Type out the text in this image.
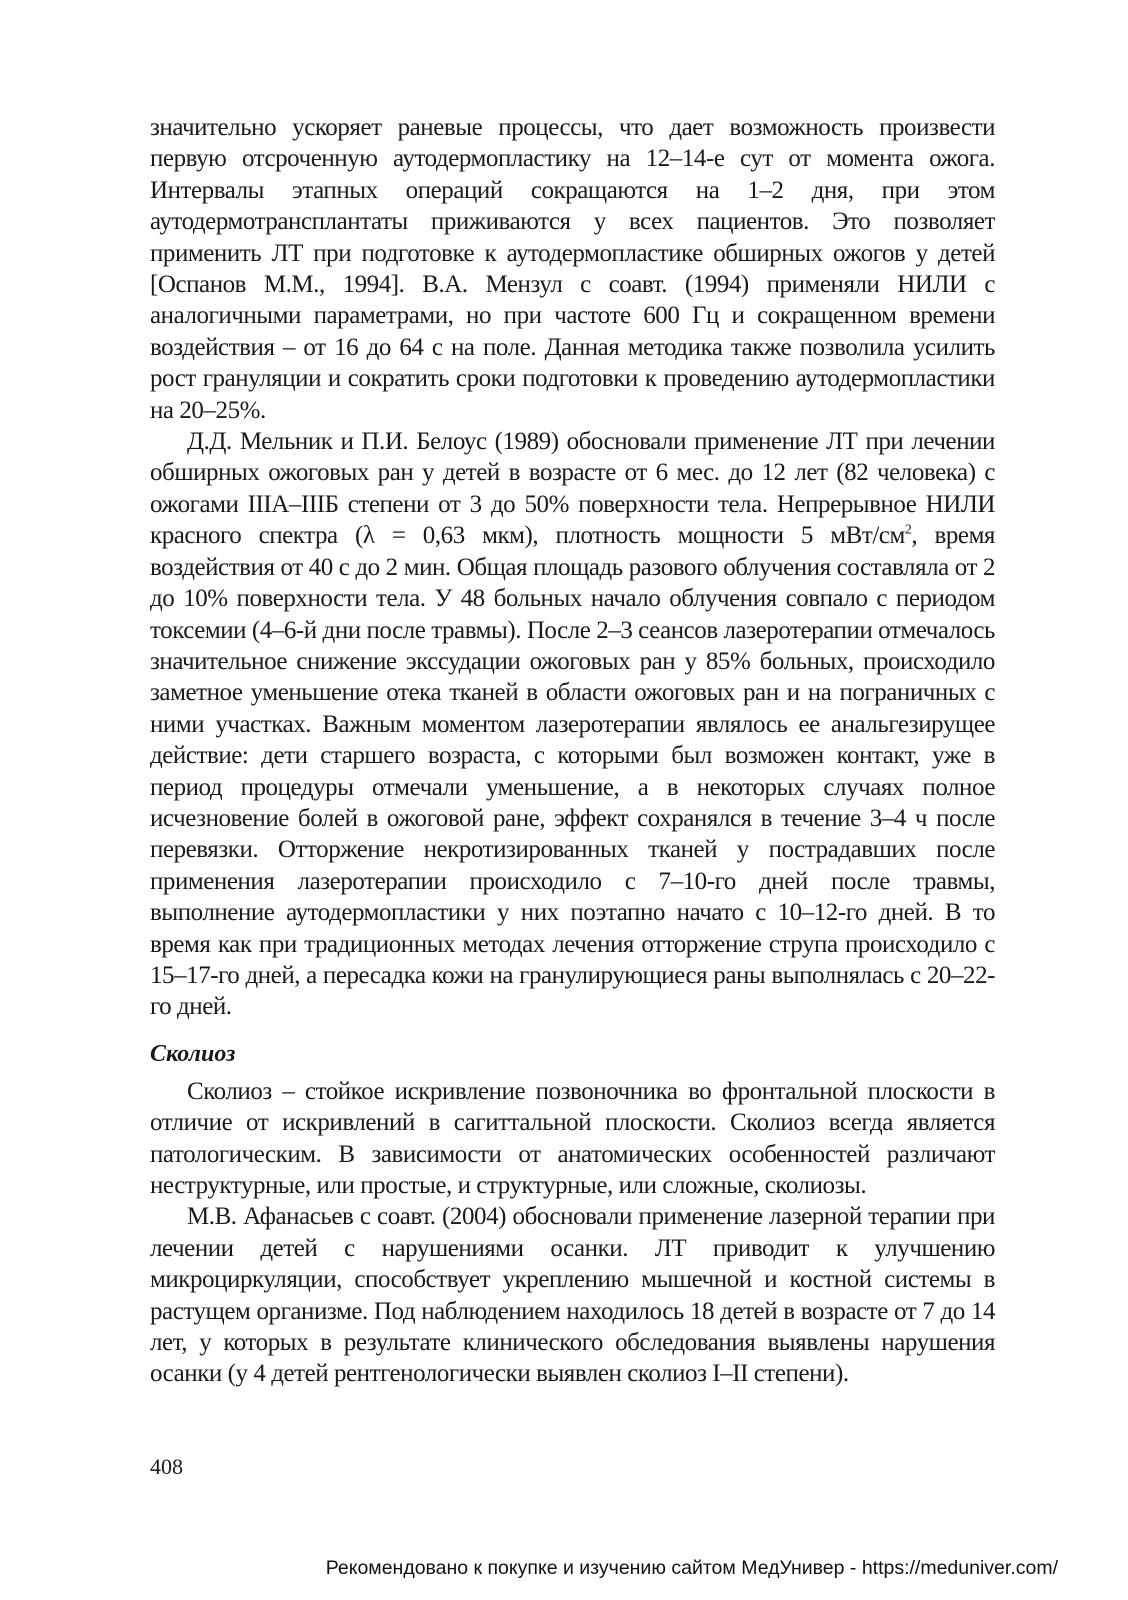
значительно ускоряет раневые процессы, что дает возможность произвести первую отсроченную аутодермопластику на 12–14-е сут от момента ожога. Интервалы этапных операций сокращаются на 1–2 дня, при этом аутодермотрансплантаты приживаются у всех пациентов. Это позволяет применить ЛТ при подготовке к аутодермопластике обширных ожогов у детей [Оспанов М.М., 1994]. В.А. Мензул с соавт. (1994) применяли НИЛИ с аналогичными параметрами, но при частоте 600 Гц и сокращенном времени воздействия – от 16 до 64 с на поле. Данная методика также позволила усилить рост грануляции и сократить сроки подготовки к проведению аутодермопластики на 20–25%.

Д.Д. Мельник и П.И. Белоус (1989) обосновали применение ЛТ при лечении обширных ожоговых ран у детей в возрасте от 6 мес. до 12 лет (82 человека) с ожогами IIIA–IIIБ степени от 3 до 50% поверхности тела. Непрерывное НИЛИ красного спектра (λ = 0,63 мкм), плотность мощности 5 мВт/$см^2$, время воздействия от 40 с до 2 мин. Общая площадь разового облучения составляла от 2 до 10% поверхности тела. У 48 больных начало облучения совпало с периодом токсемии (4–6-й дни после травмы). После 2–3 сеансов лазеротерапии отмечалось значительное снижение экссудации ожоговых ран у 85% больных, происходило заметное уменьшение отека тканей в области ожоговых ран и на пограничных с ними участках. Важным моментом лазеротерапии являлось ее анальгезирущее действие: дети старшего возраста, с которыми был возможен контакт, уже в период процедуры отмечали уменьшение, а в некоторых случаях полное исчезновение болей в ожоговой ране, эффект сохранялся в течение 3–4 ч после перевязки. Отторжение некротизированных тканей у пострадавших после применения лазеротерапии происходило с 7–10-го дней после травмы, выполнение аутодермопластики у них поэтапно начато с 10–12-го дней. В то время как при традиционных методах лечения отторжение струпа происходило с 15–17-го дней, а пересадка кожи на гранулирующиеся раны выполнялась с 20–22-го дней.

Сколиоз

Сколиоз – стойкое искривление позвоночника во фронтальной плоскости в отличие от искривлений в сагиттальной плоскости. Сколиоз всегда является патологическим. В зависимости от анатомических особенностей различают неструктурные, или простые, и структурные, или сложные, сколиозы.

М.В. Афанасьев с соавт. (2004) обосновали применение лазерной терапии при лечении детей с нарушениями осанки. ЛТ приводит к улучшению микроциркуляции, способствует укреплению мышечной и костной системы в растущем организме. Под наблюдением находилось 18 детей в возрасте от 7 до 14 лет, у которых в результате клинического обследования выявлены нарушения осанки (у 4 детей рентгенологически выявлен сколиоз I–II степени).

408
Рекомендовано к покупке и изучению сайтом МедУнивер - https://meduniver.com/
